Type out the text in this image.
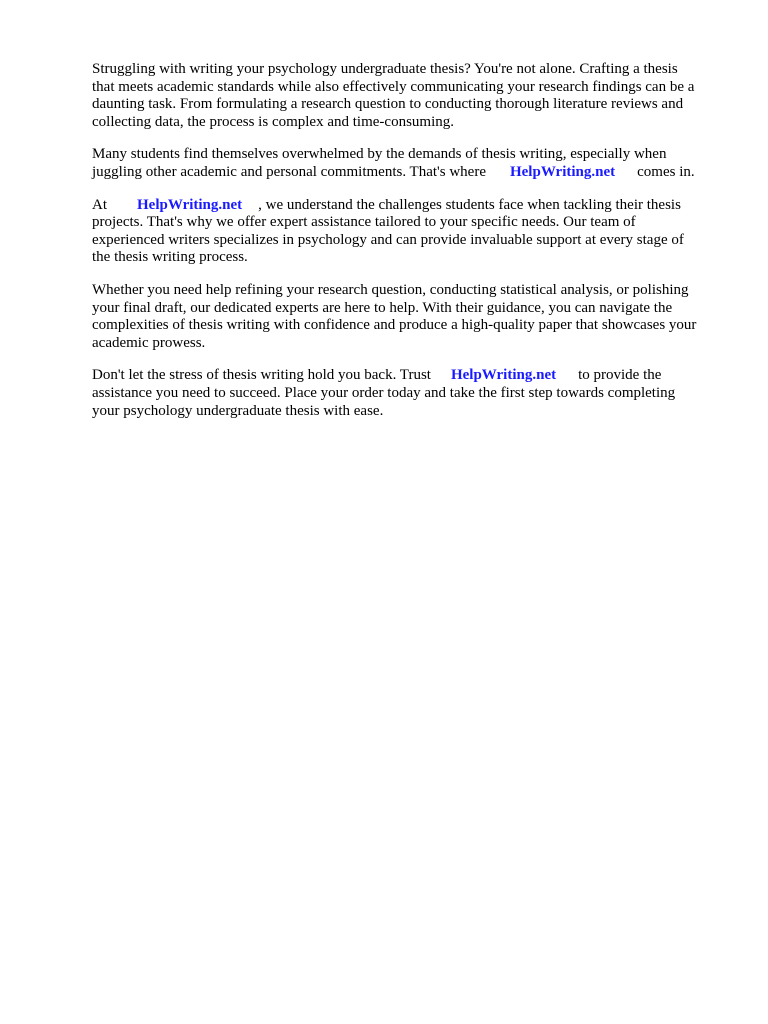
Struggling with writing your psychology undergraduate thesis? You're not alone. Crafting a thesis
that meets academic standards while also effectively communicating your research findings can be a
daunting task. From formulating a research question to conducting thorough literature reviews and
collecting data, the process is complex and time-consuming.

Many students find themselves overwhelmed by the demands of thesis writing, especially when
juggling other academic and personal commitments. That's where HelpWriting.net comes in.

At HelpWriting.net , we understand the challenges students face when tackling their thesis
projects. That's why we offer expert assistance tailored to your specific needs. Our team of
experienced writers specializes in psychology and can provide invaluable support at every stage of
the thesis writing process.

Whether you need help refining your research question, conducting statistical analysis, or polishing
your final draft, our dedicated experts are here to help. With their guidance, you can navigate the
complexities of thesis writing with confidence and produce a high-quality paper that showcases your
academic prowess.

Don't let the stress of thesis writing hold you back. Trust HelpWriting.net to provide the
assistance you need to succeed. Place your order today and take the first step towards completing
your psychology undergraduate thesis with ease.
